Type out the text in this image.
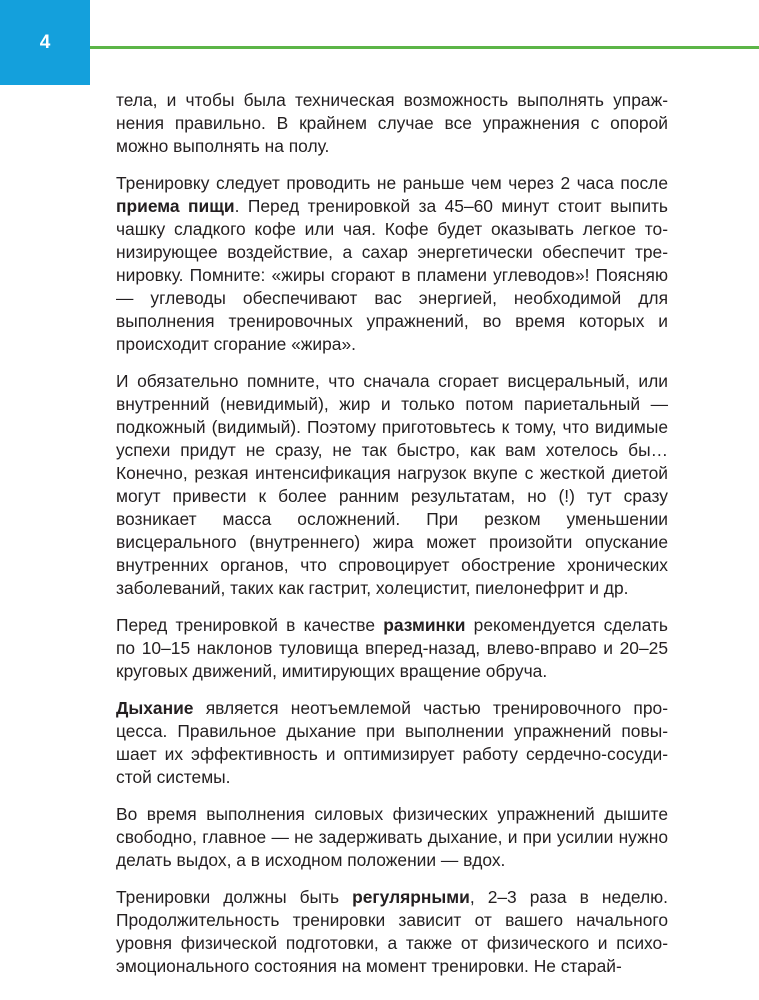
4

тела, и чтобы была техническая возможность выполнять упражнения правильно. В крайнем случае все упражнения с опорой можно выполнять на полу.

Тренировку следует проводить не раньше чем через 2 часа после приема пищи. Перед тренировкой за 45–60 минут стоит выпить чашку сладкого кофе или чая. Кофе будет оказывать легкое тонизирующее воздействие, а сахар энергетически обеспечит тренировку. Помните: «жиры сгорают в пламени углеводов»! Поясняю — углеводы обеспечивают вас энергией, необходимой для выполнения тренировочных упражнений, во время которых и происходит сгорание «жира».

И обязательно помните, что сначала сгорает висцеральный, или внутренний (невидимый), жир и только потом париетальный — подкожный (видимый). Поэтому приготовьтесь к тому, что видимые успехи придут не сразу, не так быстро, как вам хотелось бы… Конечно, резкая интенсификация нагрузок вкупе с жесткой диетой могут привести к более ранним результатам, но (!) тут сразу возникает масса осложнений. При резком уменьшении висцерального (внутреннего) жира может произойти опускание внутренних органов, что спровоцирует обострение хронических заболеваний, таких как гастрит, холецистит, пиелонефрит и др.

Перед тренировкой в качестве разминки рекомендуется сделать по 10–15 наклонов туловища вперед-назад, влево-вправо и 20–25 круговых движений, имитирующих вращение обруча.

Дыхание является неотъемлемой частью тренировочного процесса. Правильное дыхание при выполнении упражнений повышает их эффективность и оптимизирует работу сердечно-сосудистой системы.

Во время выполнения силовых физических упражнений дышите свободно, главное — не задерживать дыхание, и при усилии нужно делать выдох, а в исходном положении — вдох.

Тренировки должны быть регулярными, 2–3 раза в неделю. Продолжительность тренировки зависит от вашего начального уровня физической подготовки, а также от физического и психоэмоционального состояния на момент тренировки. Не старай-
